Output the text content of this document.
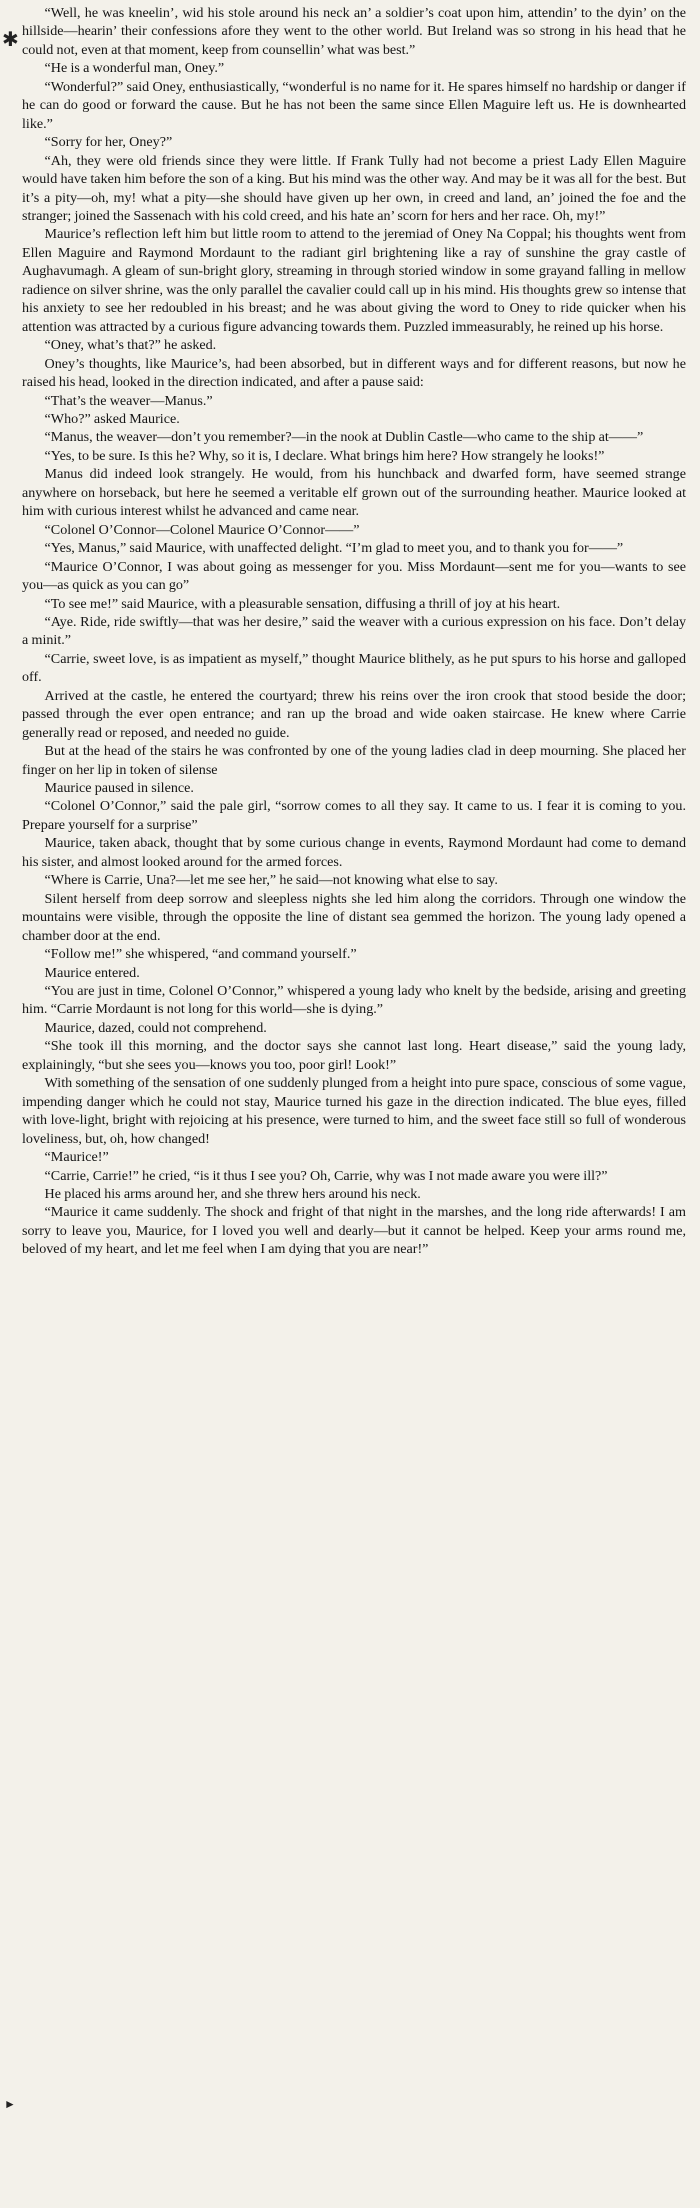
✱
►

“Well, he was kneelin’, wid his stole around his neck an’ a soldier’s coat upon him, attendin’ to the dyin’ on the hillside—hearin’ their confessions afore they went to the other world. But Ireland was so strong in his head that he could not, even at that moment, keep from counsellin’ what was best.”

“He is a wonderful man, Oney.”

“Wonderful?” said Oney, enthusiastically, “wonderful is no name for it. He spares himself no hardship or danger if he can do good or forward the cause. But he has not been the same since Ellen Maguire left us. He is downhearted like.”

“Sorry for her, Oney?”

“Ah, they were old friends since they were little. If Frank Tully had not become a priest Lady Ellen Maguire would have taken him before the son of a king. But his mind was the other way. And may be it was all for the best. But it’s a pity—oh, my! what a pity—she should have given up her own, in creed and land, an’ joined the foe and the stranger; joined the Sassenach with his cold creed, and his hate an’ scorn for hers and her race. Oh, my!”

Maurice’s reflection left him but little room to attend to the jeremiad of Oney Na Coppal; his thoughts went from Ellen Maguire and Raymond Mordaunt to the radiant girl brightening like a ray of sunshine the gray castle of Aughavumagh. A gleam of sun-bright glory, streaming in through storied window in some grayand falling in mellow radience on silver shrine, was the only parallel the cavalier could call up in his mind. His thoughts grew so intense that his anxiety to see her redoubled in his breast; and he was about giving the word to Oney to ride quicker when his attention was attracted by a curious figure advancing towards them. Puzzled immeasurably, he reined up his horse.

“Oney, what’s that?” he asked.

Oney’s thoughts, like Maurice’s, had been absorbed, but in different ways and for different reasons, but now he raised his head, looked in the direction indicated, and after a pause said:

“That’s the weaver—Manus.”

“Who?” asked Maurice.

“Manus, the weaver—don’t you remember?—in the nook at Dublin Castle—who came to the ship at——”

“Yes, to be sure. Is this he? Why, so it is, I declare. What brings him here? How strangely he looks!”

Manus did indeed look strangely. He would, from his hunchback and dwarfed form, have seemed strange anywhere on horseback, but here he seemed a veritable elf grown out of the surrounding heather. Maurice looked at him with curious interest whilst he advanced and came near.

“Colonel O’Connor—Colonel Maurice O’Connor——”

“Yes, Manus,” said Maurice, with unaffected delight. “I’m glad to meet you, and to thank you for——”

“Maurice O’Connor, I was about going as messenger for you. Miss Mordaunt—sent me for you—wants to see you—as quick as you can go”

“To see me!” said Maurice, with a pleasurable sensation, diffusing a thrill of joy at his heart.

“Aye. Ride, ride swiftly—that was her desire,” said the weaver with a curious expression on his face. Don’t delay a minit.”

“Carrie, sweet love, is as impatient as myself,” thought Maurice blithely, as he put spurs to his horse and galloped off.

Arrived at the castle, he entered the courtyard; threw his reins over the iron crook that stood beside the door; passed through the ever open entrance; and ran up the broad and wide oaken staircase. He knew where Carrie generally read or reposed, and needed no guide.

But at the head of the stairs he was confronted by one of the young ladies clad in deep mourning. She placed her finger on her lip in token of silense

Maurice paused in silence.

“Colonel O’Connor,” said the pale girl, “sorrow comes to all they say. It came to us. I fear it is coming to you. Prepare yourself for a surprise”

Maurice, taken aback, thought that by some curious change in events, Raymond Mordaunt had come to demand his sister, and almost looked around for the armed forces.

“Where is Carrie, Una?—let me see her,” he said—not knowing what else to say.

Silent herself from deep sorrow and sleepless nights she led him along the corridors. Through one window the mountains were visible, through the opposite the line of distant sea gemmed the horizon. The young lady opened a chamber door at the end.

“Follow me!” she whispered, “and command yourself.”

Maurice entered.

“You are just in time, Colonel O’Connor,” whispered a young lady who knelt by the bedside, arising and greeting him. “Carrie Mordaunt is not long for this world—she is dying.”

Maurice, dazed, could not comprehend.

“She took ill this morning, and the doctor says she cannot last long. Heart disease,” said the young lady, explainingly, “but she sees you—knows you too, poor girl! Look!”

With something of the sensation of one suddenly plunged from a height into pure space, conscious of some vague, impending danger which he could not stay, Maurice turned his gaze in the direction indicated. The blue eyes, filled with love-light, bright with rejoicing at his presence, were turned to him, and the sweet face still so full of wonderous loveliness, but, oh, how changed!

“Maurice!”

“Carrie, Carrie!” he cried, “is it thus I see you? Oh, Carrie, why was I not made aware you were ill?”

He placed his arms around her, and she threw hers around his neck.

“Maurice it came suddenly. The shock and fright of that night in the marshes, and the long ride afterwards! I am sorry to leave you, Maurice, for I loved you well and dearly—but it cannot be helped. Keep your arms round me, beloved of my heart, and let me feel when I am dying that you are near!”
